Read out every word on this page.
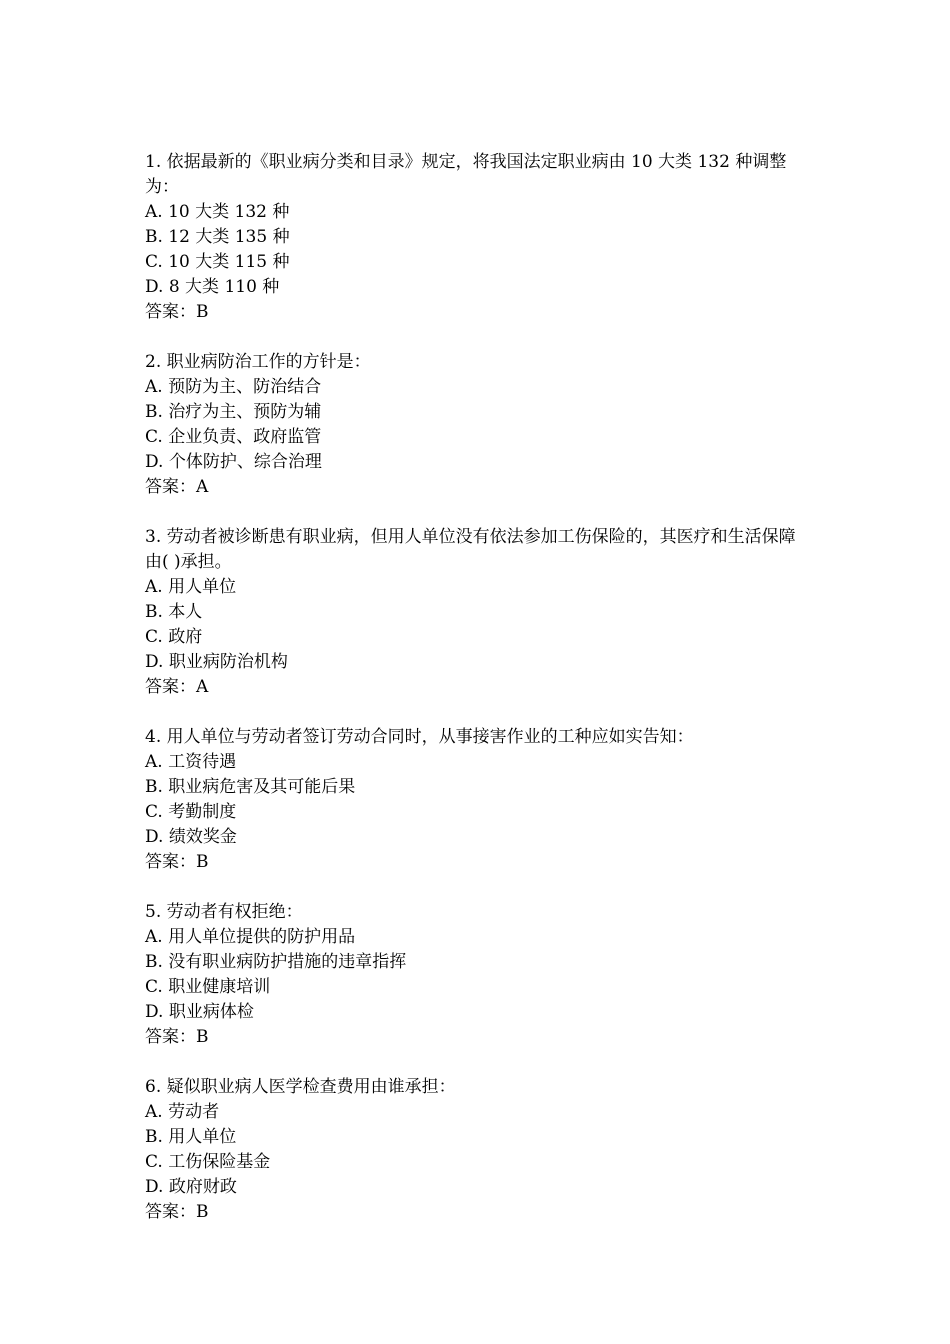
1. 依据最新的《职业病分类和目录》规定，将我国法定职业病由 10 大类 132 种调整为：
A. 10 大类 132 种
B. 12 大类 135 种
C. 10 大类 115 种
D. 8 大类 110 种
答案：B
2. 职业病防治工作的方针是：
A. 预防为主、防治结合
B. 治疗为主、预防为辅
C. 企业负责、政府监管
D. 个体防护、综合治理
答案：A
3. 劳动者被诊断患有职业病，但用人单位没有依法参加工伤保险的，其医疗和生活保障由( )承担。
A. 用人单位
B. 本人
C. 政府
D. 职业病防治机构
答案：A
4. 用人单位与劳动者签订劳动合同时，从事接害作业的工种应如实告知：
A. 工资待遇
B. 职业病危害及其可能后果
C. 考勤制度
D. 绩效奖金
答案：B
5. 劳动者有权拒绝：
A. 用人单位提供的防护用品
B. 没有职业病防护措施的违章指挥
C. 职业健康培训
D. 职业病体检
答案：B
6. 疑似职业病人医学检查费用由谁承担：
A. 劳动者
B. 用人单位
C. 工伤保险基金
D. 政府财政
答案：B
